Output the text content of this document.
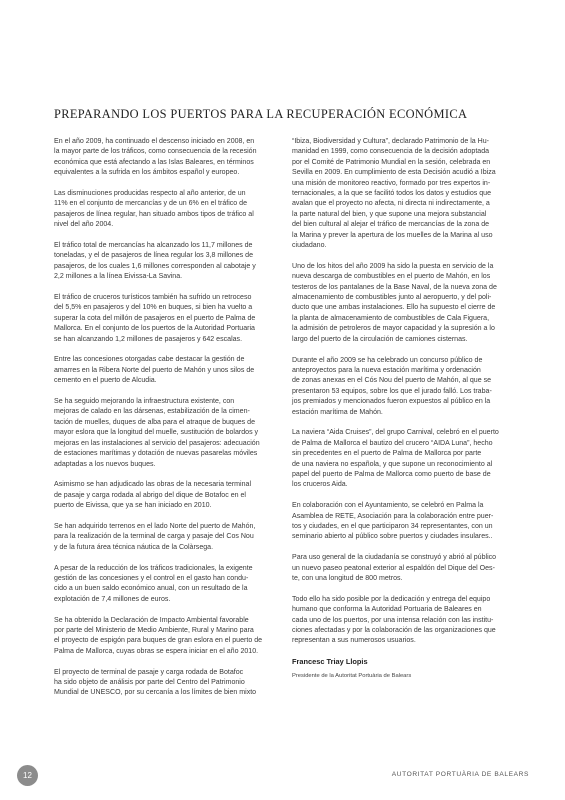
PREPARANDO LOS PUERTOS PARA LA RECUPERACIÓN ECONÓMICA

En el año 2009, ha continuado el descenso iniciado en 2008, en
la mayor parte de los tráficos, como consecuencia de la recesión
económica que está afectando a las Islas Baleares, en términos
equivalentes a la sufrida en los ámbitos español y europeo.

Las disminuciones producidas respecto al año anterior, de un
11% en el conjunto de mercancías y de un 6% en el tráfico de
pasajeros de línea regular, han situado ambos tipos de tráfico al
nivel del año 2004.

El tráfico total de mercancías ha alcanzado los 11,7 millones de
toneladas, y el de pasajeros de línea regular los 3,8 millones de
pasajeros, de los cuales 1,6 millones corresponden al cabotaje y
2,2 millones a la línea Eivissa-La Savina.

El tráfico de cruceros turísticos también ha sufrido un retroceso
del 5,5% en pasajeros y del 10% en buques, si bien ha vuelto a
superar la cota del millón de pasajeros en el puerto de Palma de
Mallorca. En el conjunto de los puertos de la Autoridad Portuaria
se han alcanzando 1,2 millones de pasajeros y 642 escalas.

Entre las concesiones otorgadas cabe destacar la gestión de
amarres en la Ribera Norte del puerto de Mahón y unos silos de
cemento en el puerto de Alcudia.

Se ha seguido mejorando la infraestructura existente, con
mejoras de calado en las dársenas, estabilización de la cimen-
tación de muelles, duques de alba para el atraque de buques de
mayor eslora que la longitud del muelle, sustitución de bolardos y
mejoras en las instalaciones al servicio del pasajeros: adecuación
de estaciones marítimas y dotación de nuevas pasarelas móviles
adaptadas a los nuevos buques.

Asimismo se han adjudicado las obras de la necesaria terminal
de pasaje y carga rodada al abrigo del dique de Botafoc en el
puerto de Eivissa, que ya se han iniciado en 2010.

Se han adquirido terrenos en el lado Norte del puerto de Mahón,
para la realización de la terminal de carga y pasaje del Cos Nou
y de la futura área técnica náutica de la Colàrsega.

A pesar de la reducción de los tráficos tradicionales, la exigente
gestión de las concesiones y el control en el gasto han condu-
cido a un buen saldo económico anual, con un resultado de la
explotación de 7,4 millones de euros.

Se ha obtenido la Declaración de Impacto Ambiental favorable
por parte del Ministerio de Medio Ambiente, Rural y Marino para
el proyecto de espigón para buques de gran eslora en el puerto de
Palma de Mallorca, cuyas obras se espera iniciar en el año 2010.

El proyecto de terminal de pasaje y carga rodada de Botafoc
ha sido objeto de análisis por parte del Centro del Patrimonio
Mundial de UNESCO, por su cercanía a los límites de bien mixto

“Ibiza, Biodiversidad y Cultura”, declarado Patrimonio de la Hu-
manidad en 1999, como consecuencia de la decisión adoptada
por el Comité de Patrimonio Mundial en la sesión, celebrada en
Sevilla en 2009. En cumplimiento de esta Decisión acudió a Ibiza
una misión de monitoreo reactivo, formado por tres expertos in-
ternacionales, a la que se facilitó todos los datos y estudios que
avalan que el proyecto no afecta, ni directa ni indirectamente, a
la parte natural del bien, y que supone una mejora substancial
del bien cultural al alejar el tráfico de mercancías de la zona de
la Marina y prever la apertura de los muelles de la Marina al uso
ciudadano.

Uno de los hitos del año 2009 ha sido la puesta en servicio de la
nueva descarga de combustibles en el puerto de Mahón, en los
testeros de los pantalanes de la Base Naval, de la nueva zona de
almacenamiento de combustibles junto al aeropuerto, y del poli-
ducto que une ambas instalaciones. Ello ha supuesto el cierre de
la planta de almacenamiento de combustibles de Cala Figuera,
la admisión de petroleros de mayor capacidad y la supresión a lo
largo del puerto de la circulación de camiones cisternas.

Durante el año 2009 se ha celebrado un concurso público de
anteproyectos para la nueva estación marítima y ordenación
de zonas anexas en el Cós Nou del puerto de Mahón, al que se
presentaron 53 equipos, sobre los que el jurado falló. Los traba-
jos premiados y mencionados fueron expuestos al público en la
estación marítima de Mahón.

La naviera “Aida Cruises”, del grupo Carnival, celebró en el puerto
de Palma de Mallorca el bautizo del crucero “AIDA Luna”, hecho
sin precedentes en el puerto de Palma de Mallorca por parte
de una naviera no española, y que supone un reconocimiento al
papel del puerto de Palma de Mallorca como puerto de base de
los cruceros Aida.

En colaboración con el Ayuntamiento, se celebró en Palma la
Asamblea de RETE, Asociación para la colaboración entre puer-
tos y ciudades, en el que participaron 34 representantes, con un
seminario abierto al público sobre puertos y ciudades insulares..

Para uso general de la ciudadanía se construyó y abrió al público
un nuevo paseo peatonal exterior al espaldón del Dique del Oes-
te, con una longitud de 800 metros.

Todo ello ha sido posible por la dedicación y entrega del equipo
humano que conforma la Autoridad Portuaria de Baleares en
cada uno de los puertos, por una intensa relación con las institu-
ciones afectadas y por la colaboración de las organizaciones que
representan a sus numerosos usuarios.

Francesc Triay Llopis
Presidente de la Autoritat Portuària de Balears
12	AUTORITAT PORTUÀRIA DE BALEARS
